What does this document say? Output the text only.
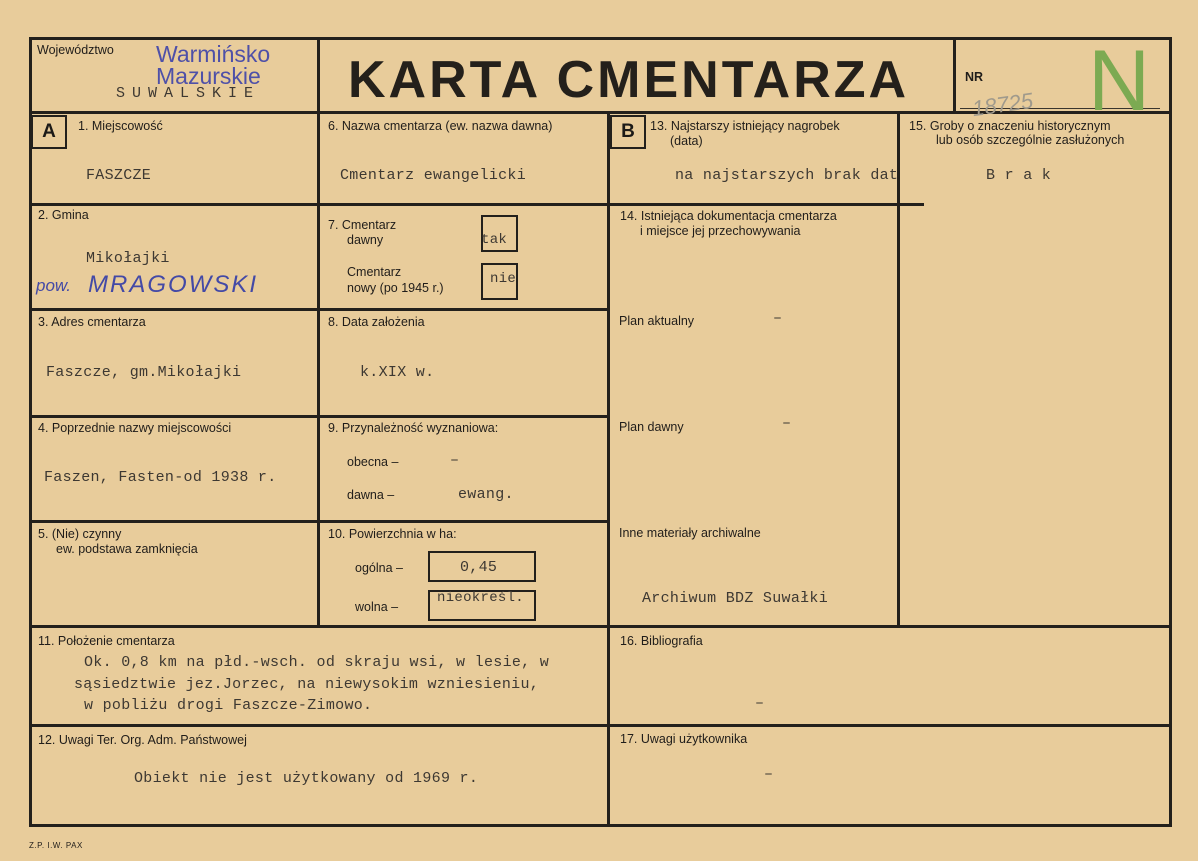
Województwo Warmińsko
Mazurskie
SUWALSKIE KARTA CMENTARZA	NR
18725 N
A	1. Miejscowość
FASZCZE
2. Gmina
Mikołajki
pow. MRAGOWSKI
3. Adres cmentarza
Faszcze, gm.Mikołajki
4. Poprzednie nazwy miejscowości
Faszen, Fasten-od 1938 r.
5. (Nie) czynny
ew. podstawa zamknięcia
6. Nazwa cmentarza (ew. nazwa dawna)
Cmentarz ewangelicki
7. Cmentarz
dawny	tak
Cmentarz
nowy (po 1945 r.)
nie
8. Data założenia
k.XIX w.
9. Przynależność wyznaniowa:
obecna –	–
dawna –	ewang.
10. Powierzchnia w ha:
ogólna –	0,45
wolna –
nieokreśl.
B	13. Najstarszy istniejący nagrobek
(data)
na najstarszych brak dat
14. Istniejąca dokumentacja cmentarza
i miejsce jej przechowywania
Plan aktualny	–
Plan dawny	–
Inne materiały archiwalne
Archiwum BDZ Suwałki
15. Groby o znaczeniu historycznym
lub osób szczególnie zasłużonych
B r a k
11. Położenie cmentarza
Ok. 0,8 km na płd.-wsch. od skraju wsi, w lesie, w
sąsiedztwie jez.Jorzec, na niewysokim wzniesieniu,
w pobliżu drogi Faszcze-Zimowo.
16. Bibliografia
–
12. Uwagi Ter. Org. Adm. Państwowej
Obiekt nie jest użytkowany od 1969 r.
17. Uwagi użytkownika
–
Z.P. I.W. PAX
